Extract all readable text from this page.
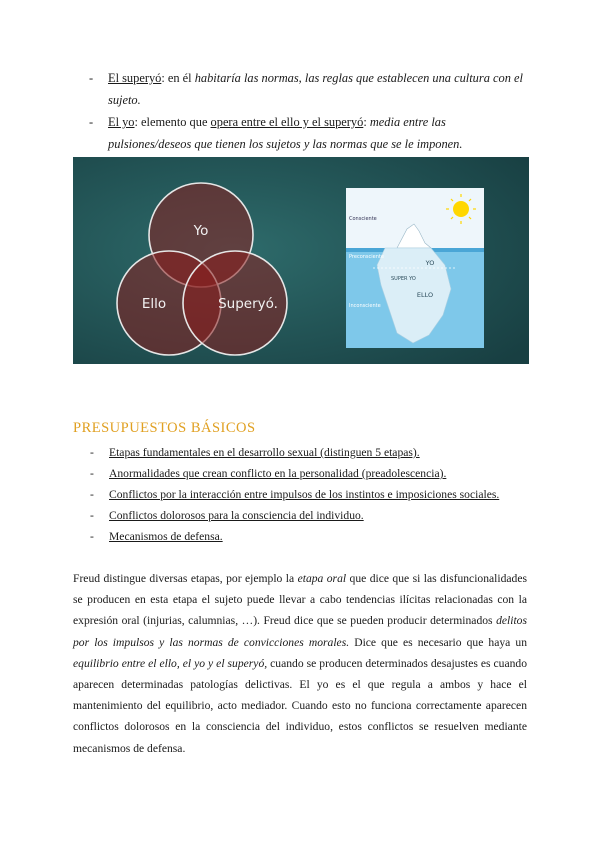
-	El superyó: en él habitaría las normas, las reglas que establecen una cultura con el sujeto.
-	El yo: elemento que opera entre el ello y el superyó: media entre las pulsiones/deseos que tienen los sujetos y las normas que se le imponen.
Yo
Ello	Superyó.
Consciente
Preconsciente
Inconsciente
YO
SUPER YO
ELLO
PRESUPUESTOS BÁSICOS
- Etapas fundamentales en el desarrollo sexual (distinguen 5 etapas).
- Anormalidades que crean conflicto en la personalidad (preadolescencia).
- Conflictos por la interacción entre impulsos de los instintos e imposiciones sociales.
- Conflictos dolorosos para la consciencia del individuo.
- Mecanismos de defensa.

Freud distingue diversas etapas, por ejemplo la etapa oral que dice que si las disfuncionalidades se producen en esta etapa el sujeto puede llevar a cabo tendencias ilícitas relacionadas con la expresión oral (injurias, calumnias, …). Freud dice que se pueden producir determinados delitos por los impulsos y las normas de convicciones morales. Dice que es necesario que haya un equilibrio entre el ello, el yo y el superyó, cuando se producen determinados desajustes es cuando aparecen determinadas patologías delictivas. El yo es el que regula a ambos y hace el mantenimiento del equilibrio, acto mediador. Cuando esto no funciona correctamente aparecen conflictos dolorosos en la consciencia del individuo, estos conflictos se resuelven mediante mecanismos de defensa.
